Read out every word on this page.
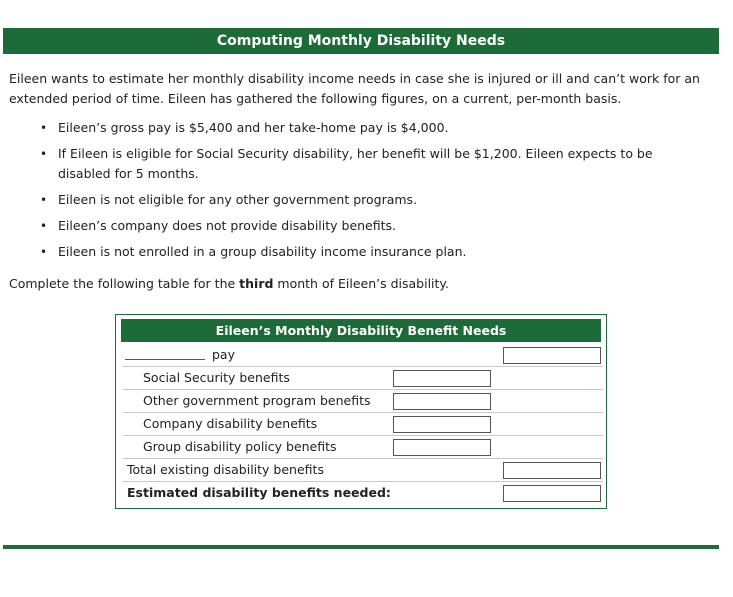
Computing Monthly Disability Needs
Eileen wants to estimate her monthly disability income needs in case she is injured or ill and can’t work for an
extended period of time. Eileen has gathered the following figures, on a current, per-month basis.
• Eileen’s gross pay is $5,400 and her take-home pay is $4,000.
• If Eileen is eligible for Social Security disability, her benefit will be $1,200. Eileen expects to be
disabled for 5 months.
• Eileen is not eligible for any other government programs.
• Eileen’s company does not provide disability benefits.
• Eileen is not enrolled in a group disability income insurance plan.
Complete the following table for the third month of Eileen’s disability.
Eileen’s Monthly Disability Benefit Needs
pay
Social Security benefits
Other government program benefits
Company disability benefits
Group disability policy benefits
Total existing disability benefits
Estimated disability benefits needed:
